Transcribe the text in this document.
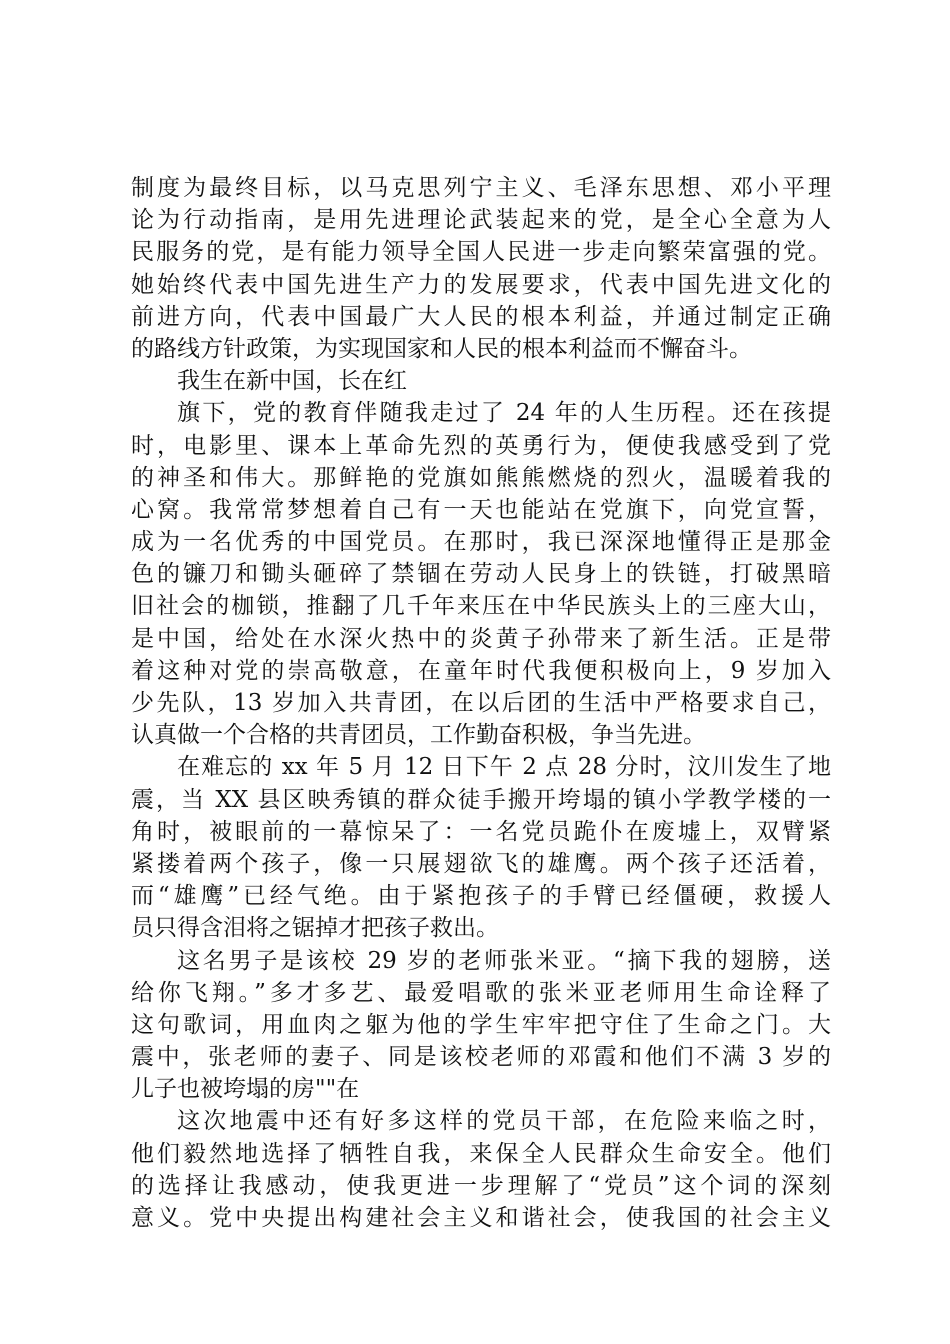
制度为最终目标，以马克思列宁主义、毛泽东思想、邓小平理
论为行动指南，是用先进理论武装起来的党，是全心全意为人
民服务的党，是有能力领导全国人民进一步走向繁荣富强的党。
她始终代表中国先进生产力的发展要求，代表中国先进文化的
前进方向，代表中国最广大人民的根本利益，并通过制定正确
的路线方针政策，为实现国家和人民的根本利益而不懈奋斗。
我生在新中国，长在红
旗下，党的教育伴随我走过了 24 年的人生历程。还在孩提
时，电影里、课本上革命先烈的英勇行为，便使我感受到了党
的神圣和伟大。那鲜艳的党旗如熊熊燃烧的烈火，温暖着我的
心窝。我常常梦想着自己有一天也能站在党旗下，向党宣誓，
成为一名优秀的中国党员。在那时，我已深深地懂得正是那金
色的镰刀和锄头砸碎了禁锢在劳动人民身上的铁链，打破黑暗
旧社会的枷锁，推翻了几千年来压在中华民族头上的三座大山，
是中国，给处在水深火热中的炎黄子孙带来了新生活。正是带
着这种对党的崇高敬意，在童年时代我便积极向上，9 岁加入
少先队，13 岁加入共青团，在以后团的生活中严格要求自己，
认真做一个合格的共青团员，工作勤奋积极，争当先进。
在难忘的 xx 年 5 月 12 日下午 2 点 28 分时，汶川发生了地
震，当 XX 县区映秀镇的群众徒手搬开垮塌的镇小学教学楼的一
角时，被眼前的一幕惊呆了：一名党员跪仆在废墟上，双臂紧
紧搂着两个孩子，像一只展翅欲飞的雄鹰。两个孩子还活着，
而“雄鹰”已经气绝。由于紧抱孩子的手臂已经僵硬，救援人
员只得含泪将之锯掉才把孩子救出。
这名男子是该校 29 岁的老师张米亚。“摘下我的翅膀，送
给你飞翔。”多才多艺、最爱唱歌的张米亚老师用生命诠释了
这句歌词，用血肉之躯为他的学生牢牢把守住了生命之门。大
震中，张老师的妻子、同是该校老师的邓霞和他们不满 3 岁的
儿子也被垮塌的房""在
这次地震中还有好多这样的党员干部，在危险来临之时，
他们毅然地选择了牺牲自我，来保全人民群众生命安全。他们
的选择让我感动，使我更进一步理解了“党员”这个词的深刻
意义。党中央提出构建社会主义和谐社会，使我国的社会主义
